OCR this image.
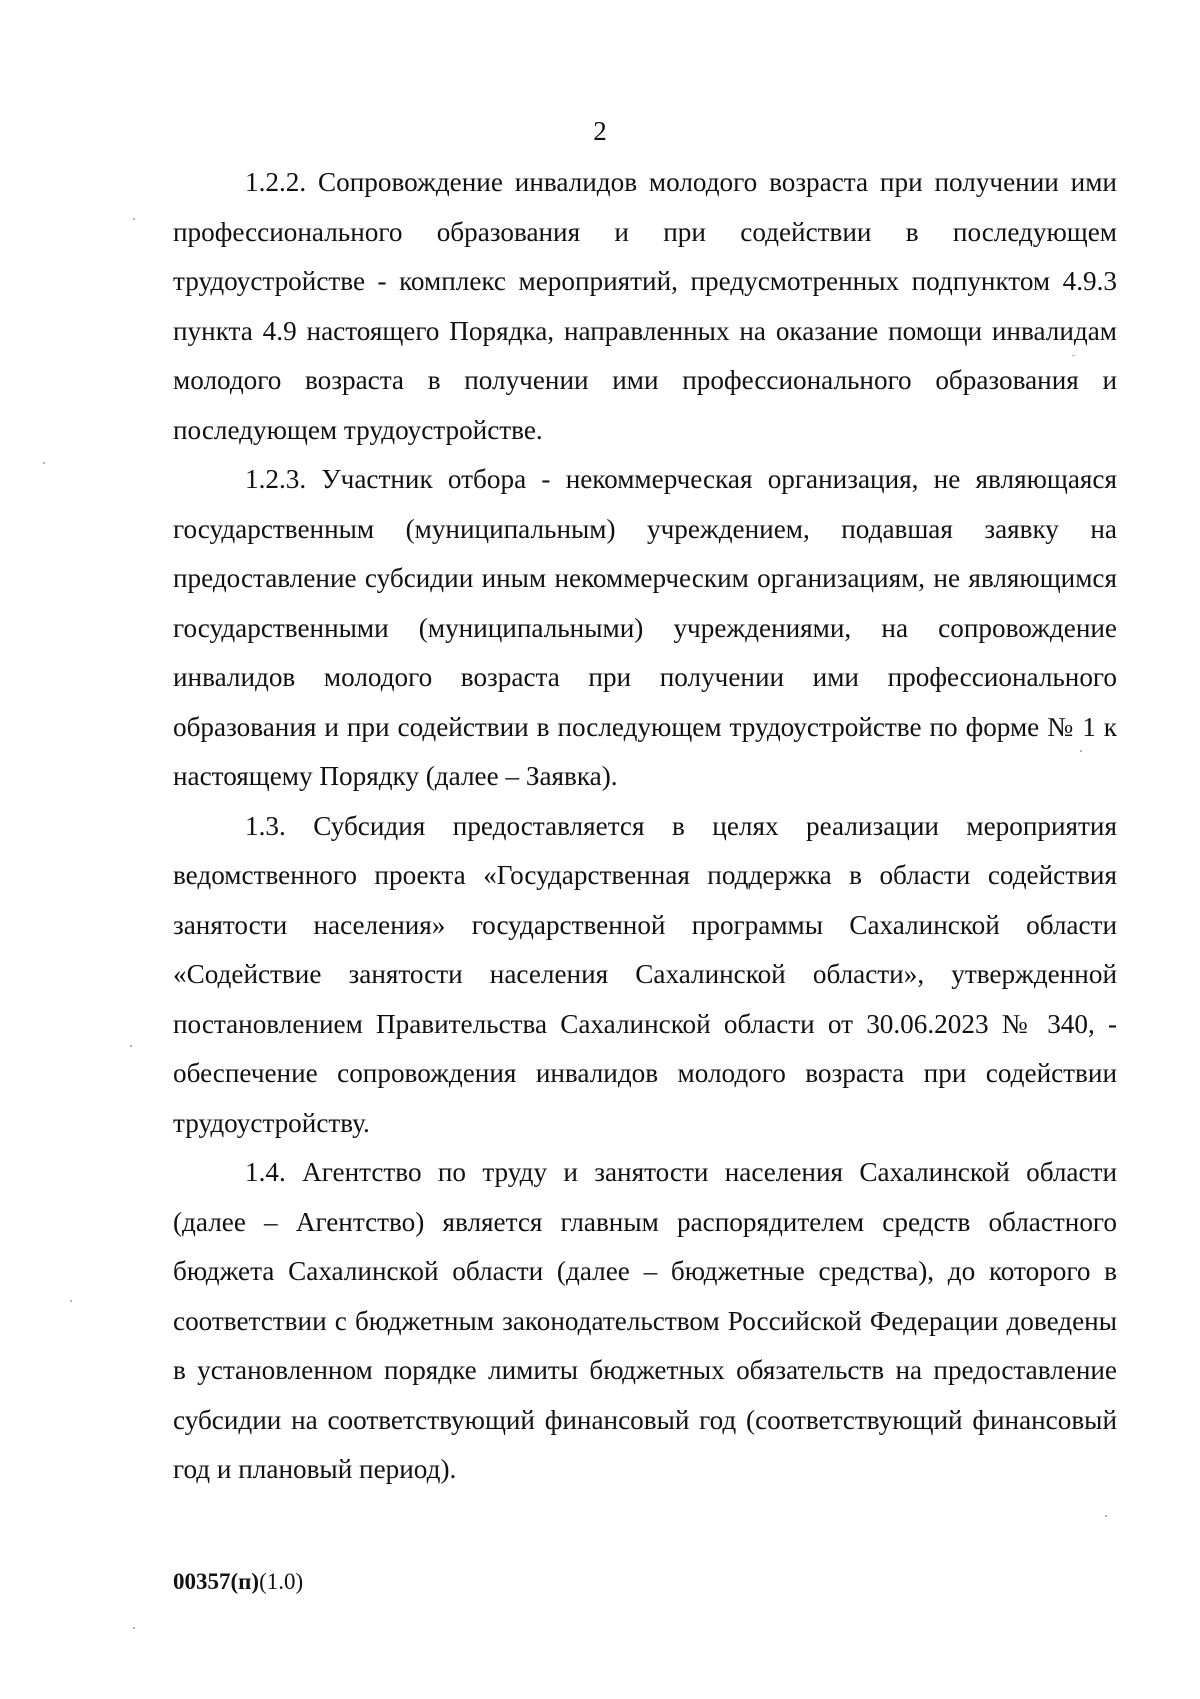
2

1.2.2. Сопровождение инвалидов молодого возраста при получении ими профессионального образования и при содействии в последующем трудоустройстве - комплекс мероприятий, предусмотренных подпунктом 4.9.3 пункта 4.9 настоящего Порядка, направленных на оказание помощи инвалидам молодого возраста в получении ими профессионального образования и последующем трудоустройстве.

1.2.3. Участник отбора - некоммерческая организация, не являющаяся государственным (муниципальным) учреждением, подавшая заявку на предоставление субсидии иным некоммерческим организациям, не являющимся государственными (муниципальными) учреждениями, на сопровождение инвалидов молодого возраста при получении ими профессионального образования и при содействии в последующем трудоустройстве по форме № 1 к настоящему Порядку (далее – Заявка).

1.3. Субсидия предоставляется в целях реализации мероприятия ведомственного проекта «Государственная поддержка в области содействия занятости населения» государственной программы Сахалинской области «Содействие занятости населения Сахалинской области», утвержденной постановлением Правительства Сахалинской области от 30.06.2023 № 340, - обеспечение сопровождения инвалидов молодого возраста при содействии трудоустройству.

1.4. Агентство по труду и занятости населения Сахалинской области (далее – Агентство) является главным распорядителем средств областного бюджета Сахалинской области (далее – бюджетные средства), до которого в соответствии с бюджетным законодательством Российской Федерации доведены в установленном порядке лимиты бюджетных обязательств на предоставление субсидии на соответствующий финансовый год (соответствующий финансовый год и плановый период).

00357(п)(1.0)
